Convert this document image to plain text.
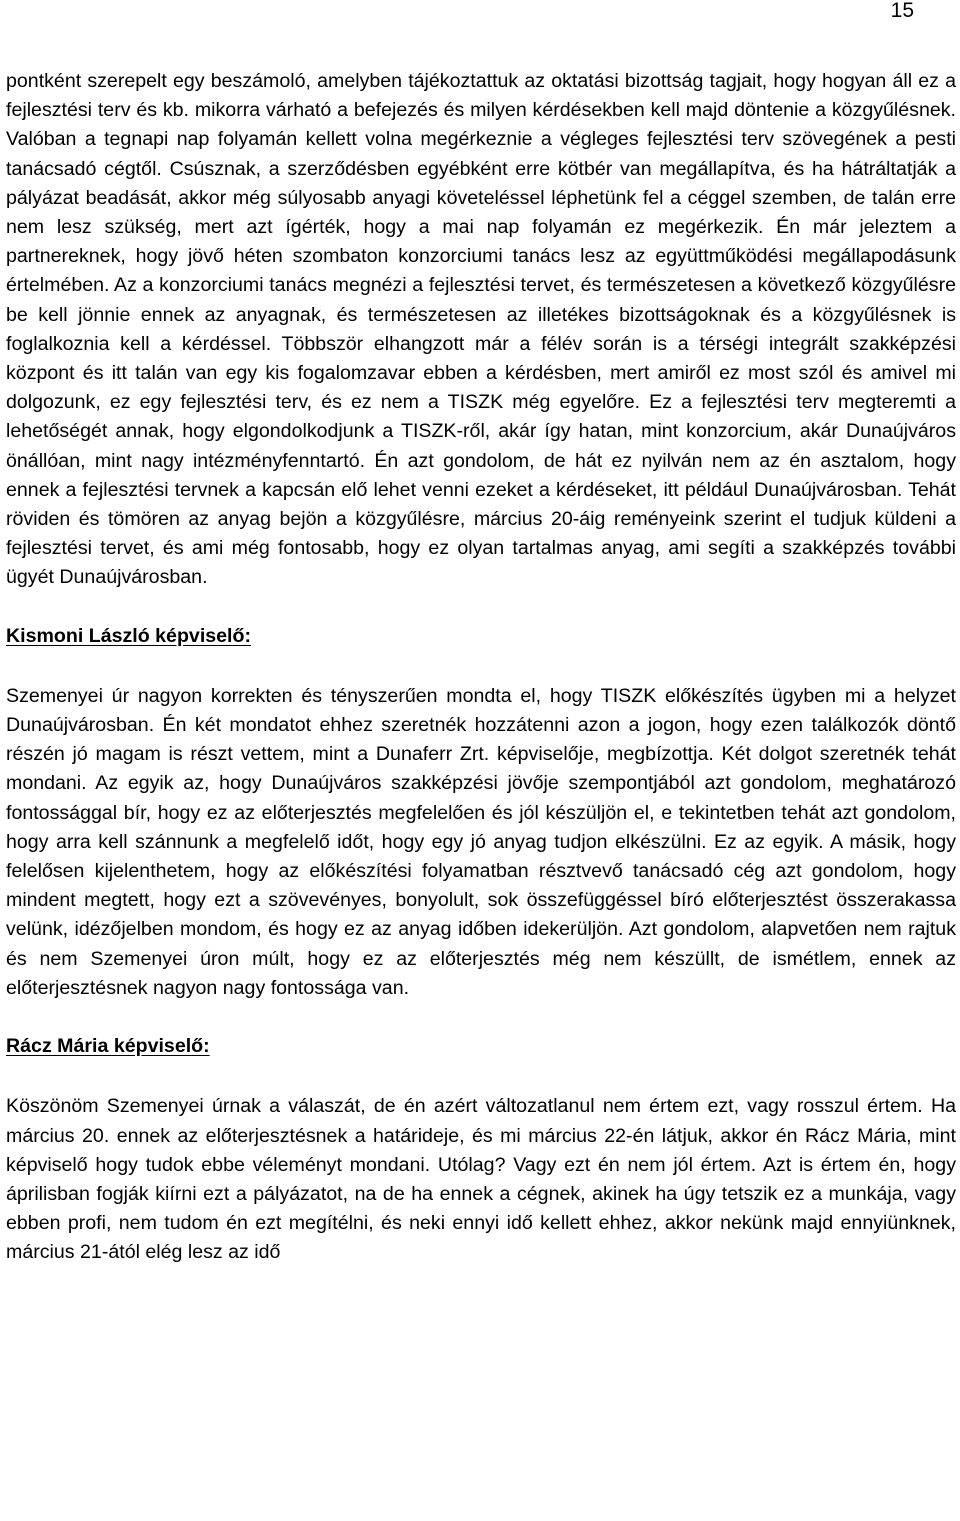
15

pontként szerepelt egy beszámoló, amelyben tájékoztattuk az oktatási bizottság tagjait, hogy hogyan áll ez a fejlesztési terv és kb. mikorra várható a befejezés és milyen kérdésekben kell majd döntenie a közgyűlésnek. Valóban a tegnapi nap folyamán kellett volna megérkeznie a végleges fejlesztési terv szövegének a pesti tanácsadó cégtől. Csúsznak, a szerződésben egyébként erre kötbér van megállapítva, és ha hátráltatják a pályázat beadását, akkor még súlyosabb anyagi követeléssel léphetünk fel a céggel szemben, de talán erre nem lesz szükség, mert azt ígérték, hogy a mai nap folyamán ez megérkezik. Én már jeleztem a partnereknek, hogy jövő héten szombaton konzorciumi tanács lesz az együttműködési megállapodásunk értelmében. Az a konzorciumi tanács megnézi a fejlesztési tervet, és természetesen a következő közgyűlésre be kell jönnie ennek az anyagnak, és természetesen az illetékes bizottságoknak és a közgyűlésnek is foglalkoznia kell a kérdéssel. Többször elhangzott már a félév során is a térségi integrált szakképzési központ és itt talán van egy kis fogalomzavar ebben a kérdésben, mert amiről ez most szól és amivel mi dolgozunk, ez egy fejlesztési terv, és ez nem a TISZK még egyelőre. Ez a fejlesztési terv megteremti a lehetőségét annak, hogy elgondolkodjunk a TISZK-ről, akár így hatan, mint konzorcium, akár Dunaújváros önállóan, mint nagy intézményfenntartó. Én azt gondolom, de hát ez nyilván nem az én asztalom, hogy ennek a fejlesztési tervnek a kapcsán elő lehet venni ezeket a kérdéseket, itt például Dunaújvárosban. Tehát röviden és tömören az anyag bejön a közgyűlésre, március 20-áig reményeink szerint el tudjuk küldeni a fejlesztési tervet, és ami még fontosabb, hogy ez olyan tartalmas anyag, ami segíti a szakképzés további ügyét Dunaújvárosban.

Kismoni László képviselő:

Szemenyei úr nagyon korrekten és tényszerűen mondta el, hogy TISZK előkészítés ügyben mi a helyzet Dunaújvárosban. Én két mondatot ehhez szeretnék hozzátenni azon a jogon, hogy ezen találkozók döntő részén jó magam is részt vettem, mint a Dunaferr Zrt. képviselője, megbízottja. Két dolgot szeretnék tehát mondani. Az egyik az, hogy Dunaújváros szakképzési jövője szempontjából azt gondolom, meghatározó fontossággal bír, hogy ez az előterjesztés megfelelően és jól készüljön el, e tekintetben tehát azt gondolom, hogy arra kell szánnunk a megfelelő időt, hogy egy jó anyag tudjon elkészülni. Ez az egyik. A másik, hogy felelősen kijelenthetem, hogy az előkészítési folyamatban résztvevő tanácsadó cég azt gondolom, hogy mindent megtett, hogy ezt a szövevényes, bonyolult, sok összefüggéssel bíró előterjesztést összerakassa velünk, idézőjelben mondom, és hogy ez az anyag időben idekerüljön. Azt gondolom, alapvetően nem rajtuk és nem Szemenyei úron múlt, hogy ez az előterjesztés még nem készüllt, de ismétlem, ennek az előterjesztésnek nagyon nagy fontossága van.

Rácz Mária képviselő:

Köszönöm Szemenyei úrnak a válaszát, de én azért változatlanul nem értem ezt, vagy rosszul értem. Ha március 20. ennek az előterjesztésnek a határideje, és mi március 22-én látjuk, akkor én Rácz Mária, mint képviselő hogy tudok ebbe véleményt mondani. Utólag? Vagy ezt én nem jól értem. Azt is értem én, hogy áprilisban fogják kiírni ezt a pályázatot, na de ha ennek a cégnek, akinek ha úgy tetszik ez a munkája, vagy ebben profi, nem tudom én ezt megítélni, és neki ennyi idő kellett ehhez, akkor nekünk majd ennyiünknek, március 21-ától elég lesz az idő
